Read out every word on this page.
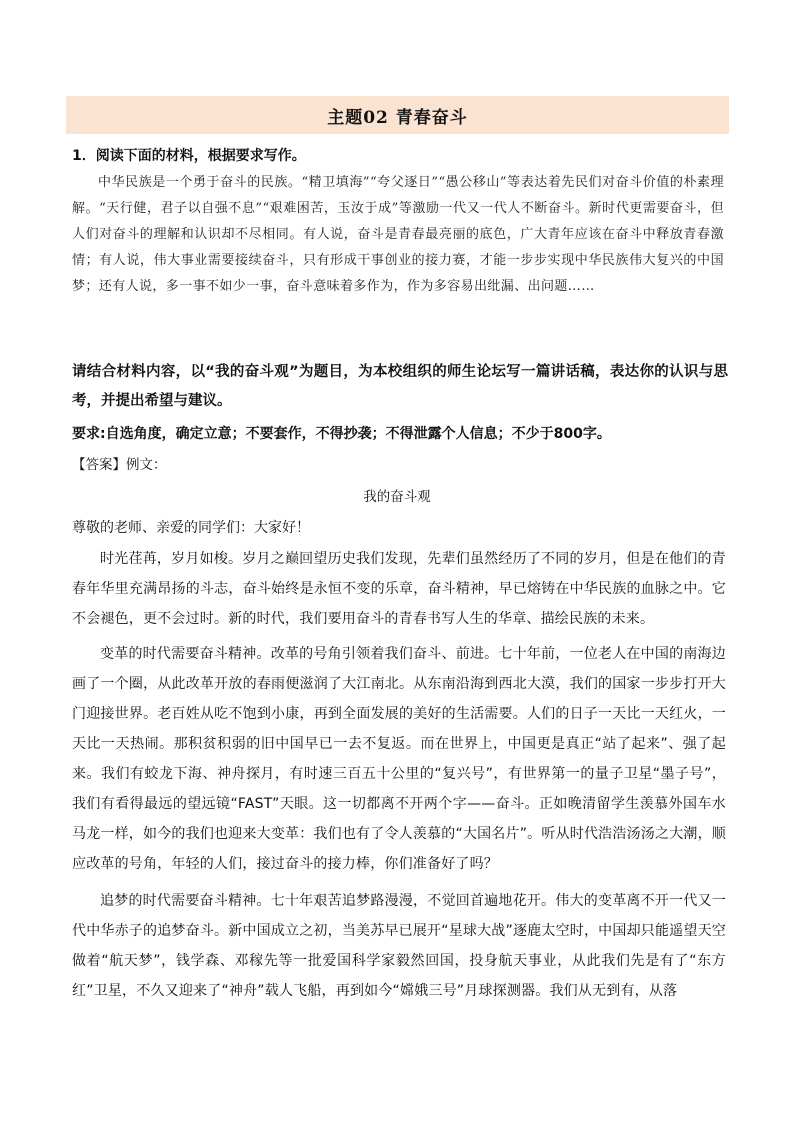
主题02 青春奋斗
1．阅读下面的材料，根据要求写作。
中华民族是一个勇于奋斗的民族。“精卫填海”“夸父逐日”“愚公移山”等表达着先民们对奋斗价值的朴素理解。“天行健，君子以自强不息”“艰难困苦，玉汝于成”等激励一代又一代人不断奋斗。新时代更需要奋斗，但人们对奋斗的理解和认识却不尽相同。有人说，奋斗是青春最亮丽的底色，广大青年应该在奋斗中释放青春激情；有人说，伟大事业需要接续奋斗，只有形成干事创业的接力赛，才能一步步实现中华民族伟大复兴的中国梦；还有人说，多一事不如少一事，奋斗意味着多作为，作为多容易出纰漏、出问题……
请结合材料内容，以“我的奋斗观”为题目，为本校组织的师生论坛写一篇讲话稿，表达你的认识与思考，并提出希望与建议。
要求:自选角度，确定立意；不要套作，不得抄袭；不得泄露个人信息；不少于800字。
【答案】例文：
我的奋斗观
尊敬的老师、亲爱的同学们：大家好！

时光荏苒，岁月如梭。岁月之巅回望历史我们发现，先辈们虽然经历了不同的岁月，但是在他们的青春年华里充满昂扬的斗志，奋斗始终是永恒不变的乐章，奋斗精神，早已熔铸在中华民族的血脉之中。它不会褪色，更不会过时。新的时代，我们要用奋斗的青春书写人生的华章、描绘民族的未来。

变革的时代需要奋斗精神。改革的号角引领着我们奋斗、前进。七十年前，一位老人在中国的南海边画了一个圈，从此改革开放的春雨便滋润了大江南北。从东南沿海到西北大漠，我们的国家一步步打开大门迎接世界。老百姓从吃不饱到小康，再到全面发展的美好的生活需要。人们的日子一天比一天红火，一天比一天热闹。那积贫积弱的旧中国早已一去不复返。而在世界上，中国更是真正“站了起来”、强了起来。我们有蛟龙下海、神舟探月，有时速三百五十公里的“复兴号”，有世界第一的量子卫星“墨子号”，我们有看得最远的望远镜“FAST”天眼。这一切都离不开两个字——奋斗。正如晚清留学生羡慕外国车水马龙一样，如今的我们也迎来大变革：我们也有了令人羡慕的“大国名片”。听从时代浩浩汤汤之大潮，顺应改革的号角，年轻的人们，接过奋斗的接力棒，你们准备好了吗？

追梦的时代需要奋斗精神。七十年艰苦追梦路漫漫，不觉回首遍地花开。伟大的变革离不开一代又一代中华赤子的追梦奋斗。新中国成立之初，当美苏早已展开“星球大战”逐鹿太空时，中国却只能遥望天空做着“航天梦”，钱学森、邓稼先等一批爱国科学家毅然回国，投身航天事业，从此我们先是有了“东方红”卫星，不久又迎来了“神舟”载人飞船，再到如今“嫦娥三号”月球探测器。我们从无到有，从落
